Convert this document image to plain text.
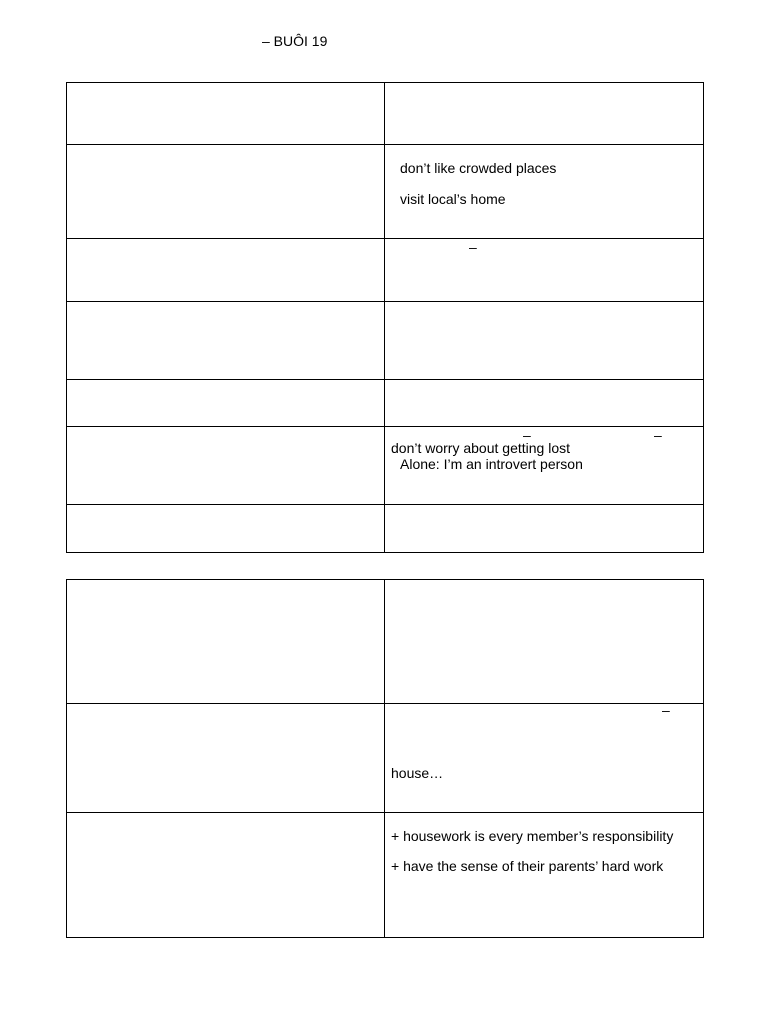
– BUÔI 19

	don’t like crowded places
visit local’s home

	–

	– –
don’t worry about getting lost
Alone: I’m an introvert person

	–
house…

	+ housework is every member’s responsibility
+ have the sense of their parents’ hard work
